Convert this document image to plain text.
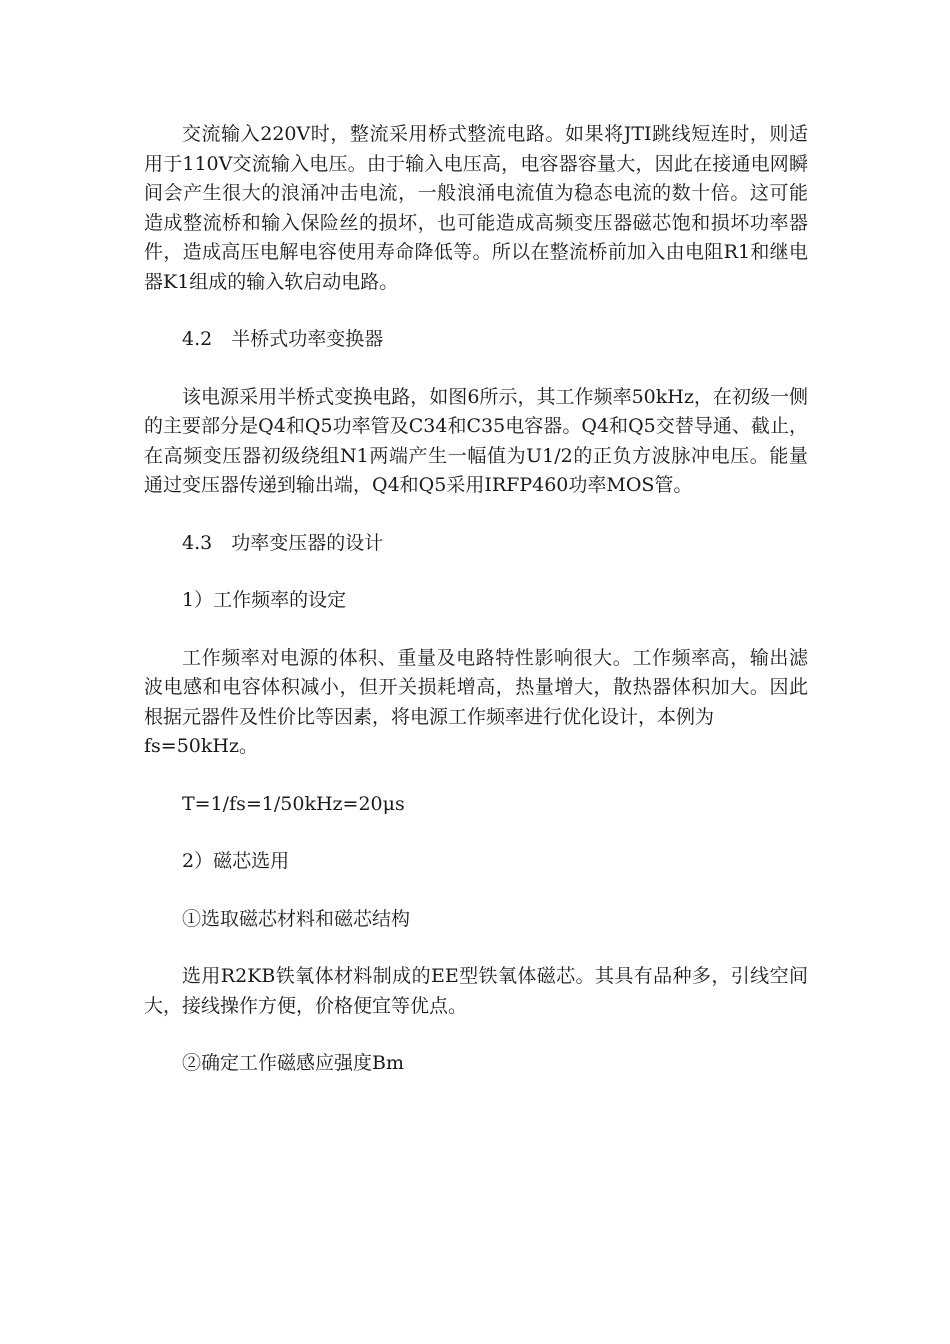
交流输入220V时，整流采用桥式整流电路。如果将JTI跳线短连时，则适用于110V交流输入电压。由于输入电压高，电容器容量大，因此在接通电网瞬间会产生很大的浪涌冲击电流，一般浪涌电流值为稳态电流的数十倍。这可能造成整流桥和输入保险丝的损坏，也可能造成高频变压器磁芯饱和损坏功率器件，造成高压电解电容使用寿命降低等。所以在整流桥前加入由电阻R1和继电器K1组成的输入软启动电路。

4.2　半桥式功率变换器

该电源采用半桥式变换电路，如图6所示，其工作频率50kHz，在初级一侧的主要部分是Q4和Q5功率管及C34和C35电容器。Q4和Q5交替导通、截止，在高频变压器初级绕组N1两端产生一幅值为U1/2的正负方波脉冲电压。能量通过变压器传递到输出端，Q4和Q5采用IRFP460功率MOS管。

4.3　功率变压器的设计

1）工作频率的设定

工作频率对电源的体积、重量及电路特性影响很大。工作频率高，输出滤波电感和电容体积减小，但开关损耗增高，热量增大，散热器体积加大。因此根据元器件及性价比等因素，将电源工作频率进行优化设计，本例为

fs=50kHz。

T=1/fs=1/50kHz=20μs

2）磁芯选用

①选取磁芯材料和磁芯结构

选用R2KB铁氧体材料制成的EE型铁氧体磁芯。其具有品种多，引线空间大，接线操作方便，价格便宜等优点。

②确定工作磁感应强度Bm
